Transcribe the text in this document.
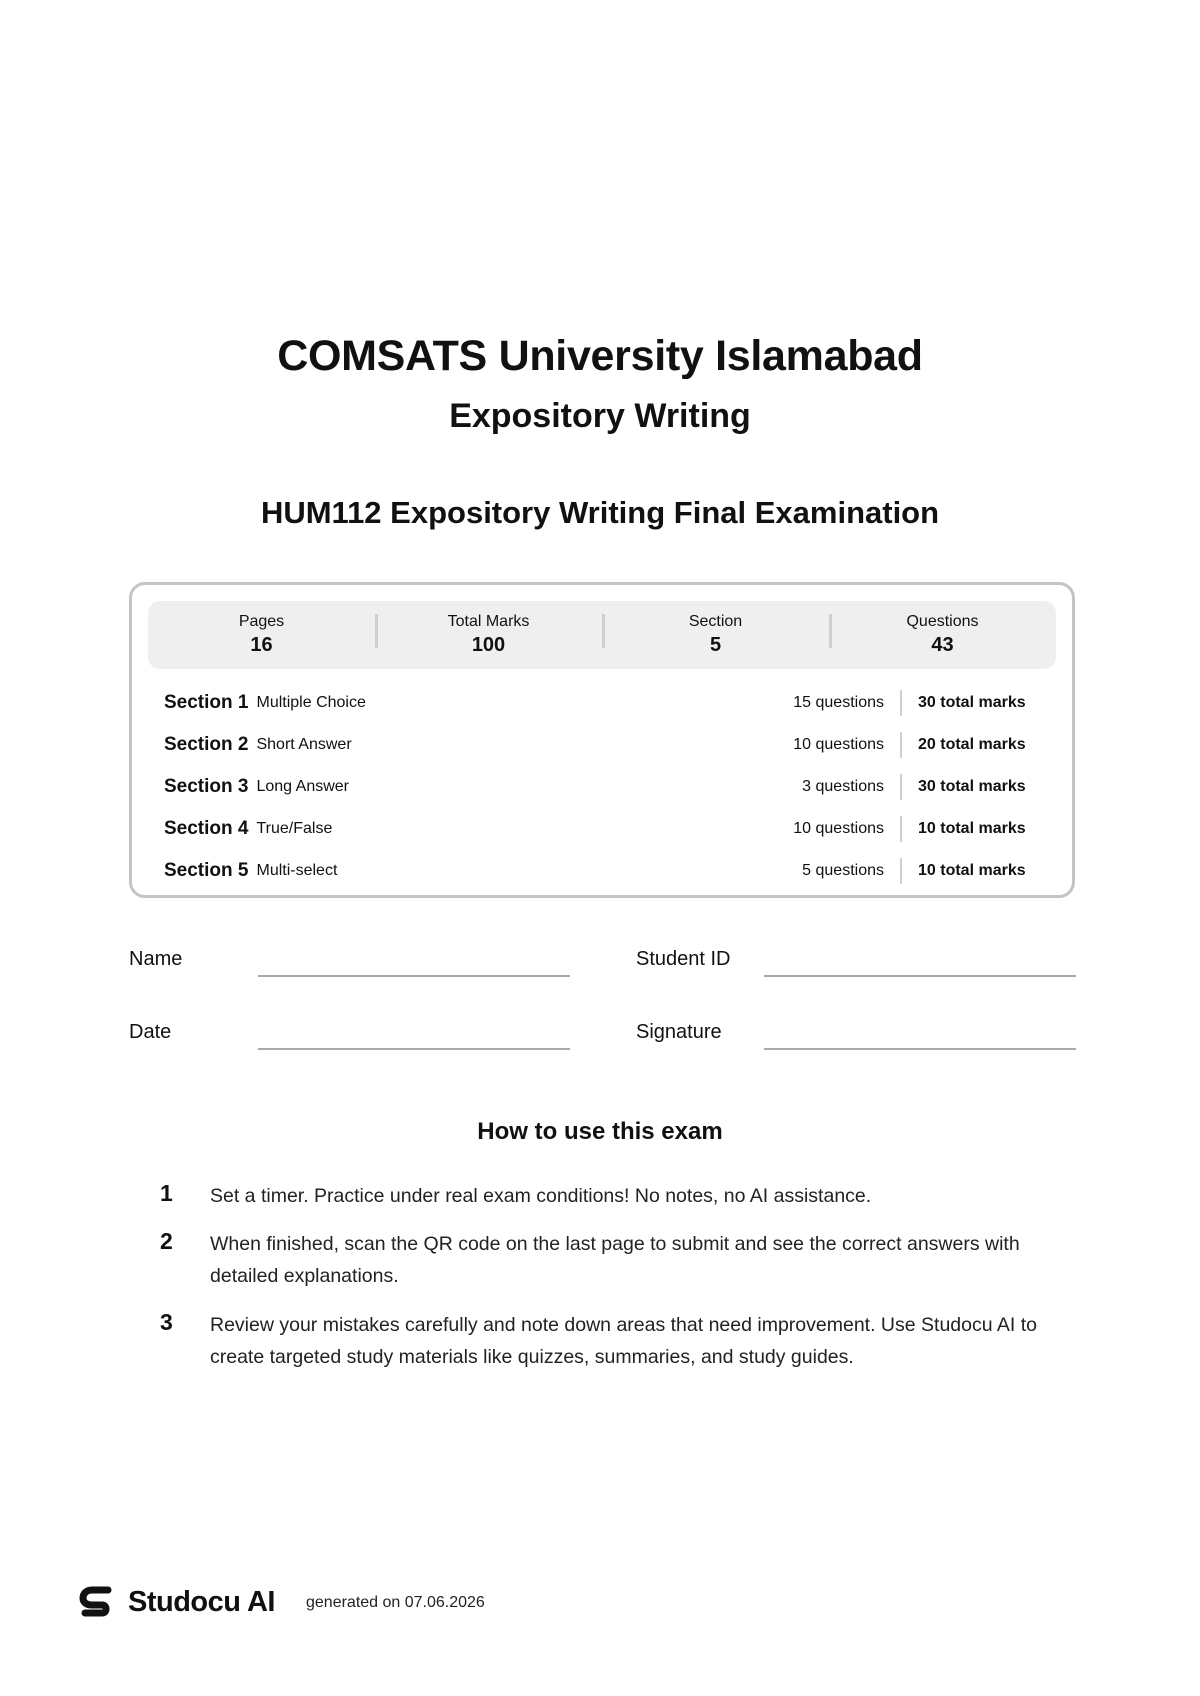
COMSATS University Islamabad
Expository Writing
HUM112 Expository Writing Final Examination
Pages
16
Total Marks
100
Section
5
Questions
43
Section 1 Multiple Choice	15 questions	30 total marks
Section 2 Short Answer	10 questions	20 total marks
Section 3 Long Answer	3 questions	30 total marks
Section 4 True/False	10 questions	10 total marks
Section 5 Multi-select	5 questions	10 total marks
Name	Student ID
Date	Signature
How to use this exam
1 Set a timer. Practice under real exam conditions! No notes, no AI assistance.
2 When finished, scan the QR code on the last page to submit and see the correct answers with detailed explanations.
3 Review your mistakes carefully and note down areas that need improvement. Use Studocu AI to create targeted study materials like quizzes, summaries, and study guides.
Studocu AI generated on 07.06.2026
